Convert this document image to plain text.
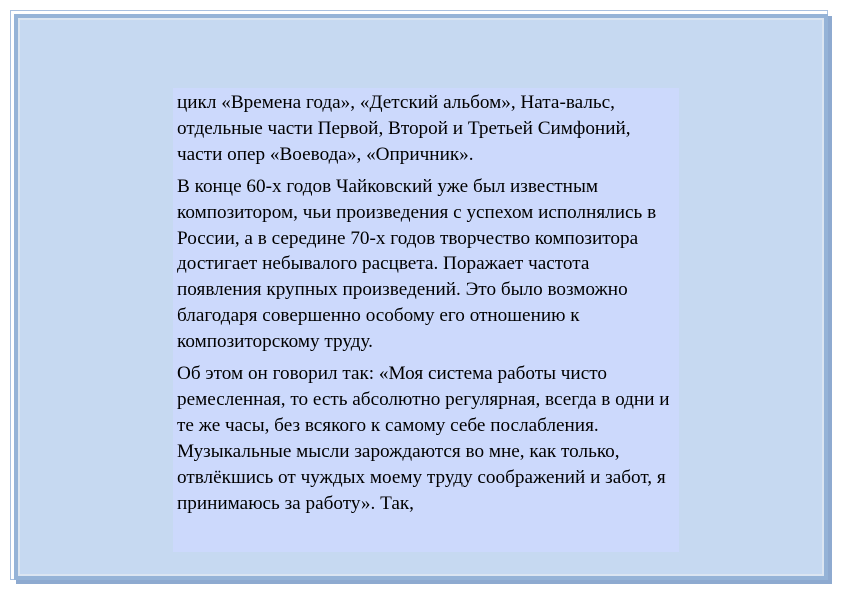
цикл «Времена года», «Детский альбом», Ната-вальс, отдельные части Первой, Второй и Третьей Симфоний, части опер «Воевода», «Опричник».

В конце 60-х годов Чайковский уже был известным композитором, чьи произведения с успехом исполнялись в России, а в середине 70-х годов творчество композитора достигает небывалого расцвета. Поражает частота появления крупных произведений. Это было возможно благодаря совершенно особому его отношению к композиторскому труду.

Об этом он говорил так: «Моя система работы чисто ремесленная, то есть абсолютно регулярная, всегда в одни и те же часы, без всякого к самому себе послабления. Музыкальные мысли зарождаются во мне, как только, отвлёкшись от чуждых моему труду соображений и забот, я принимаюсь за работу». Так,
